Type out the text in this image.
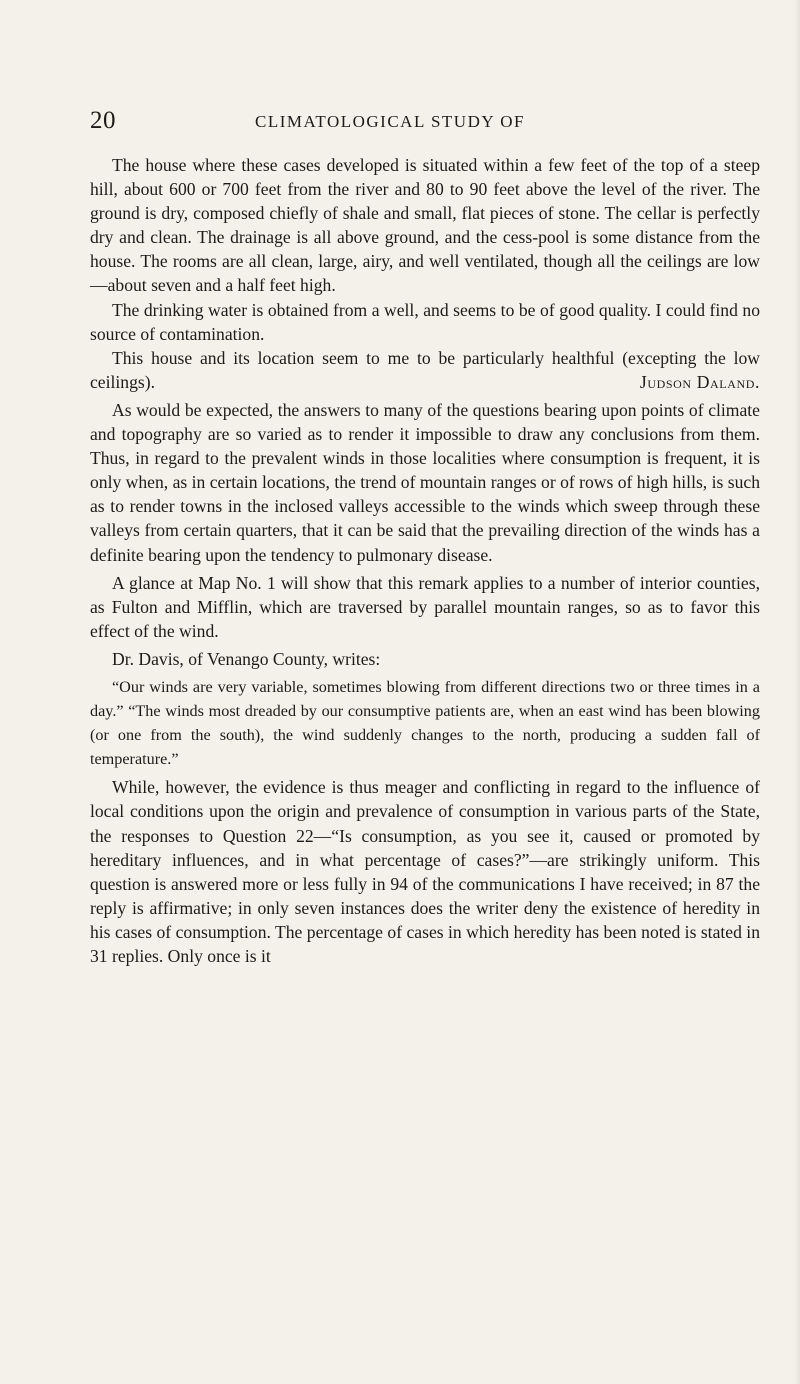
20	CLIMATOLOGICAL STUDY OF

The house where these cases developed is situated within a few feet of the top of a steep hill, about 600 or 700 feet from the river and 80 to 90 feet above the level of the river. The ground is dry, composed chiefly of shale and small, flat pieces of stone. The cellar is perfectly dry and clean. The drainage is all above ground, and the cess-pool is some distance from the house. The rooms are all clean, large, airy, and well ventilated, though all the ceilings are low—about seven and a half feet high.

The drinking water is obtained from a well, and seems to be of good quality. I could find no source of contamination.

This house and its location seem to me to be particularly healthful (excepting the low ceilings).	Judson Daland.

As would be expected, the answers to many of the questions bearing upon points of climate and topography are so varied as to render it impossible to draw any conclusions from them. Thus, in regard to the prevalent winds in those localities where consumption is frequent, it is only when, as in certain locations, the trend of mountain ranges or of rows of high hills, is such as to render towns in the inclosed valleys accessible to the winds which sweep through these valleys from certain quarters, that it can be said that the prevailing direction of the winds has a definite bearing upon the tendency to pulmonary disease.

A glance at Map No. 1 will show that this remark applies to a number of interior counties, as Fulton and Mifflin, which are traversed by parallel mountain ranges, so as to favor this effect of the wind.

Dr. Davis, of Venango County, writes:

“Our winds are very variable, sometimes blowing from different directions two or three times in a day.” “The winds most dreaded by our consumptive patients are, when an east wind has been blowing (or one from the south), the wind suddenly changes to the north, producing a sudden fall of temperature.”

While, however, the evidence is thus meager and conflicting in regard to the influence of local conditions upon the origin and prevalence of consumption in various parts of the State, the responses to Question 22—“Is consumption, as you see it, caused or promoted by hereditary influences, and in what percentage of cases?”—are strikingly uniform. This question is answered more or less fully in 94 of the communications I have received; in 87 the reply is affirmative; in only seven instances does the writer deny the existence of heredity in his cases of consumption. The percentage of cases in which heredity has been noted is stated in 31 replies. Only once is it
